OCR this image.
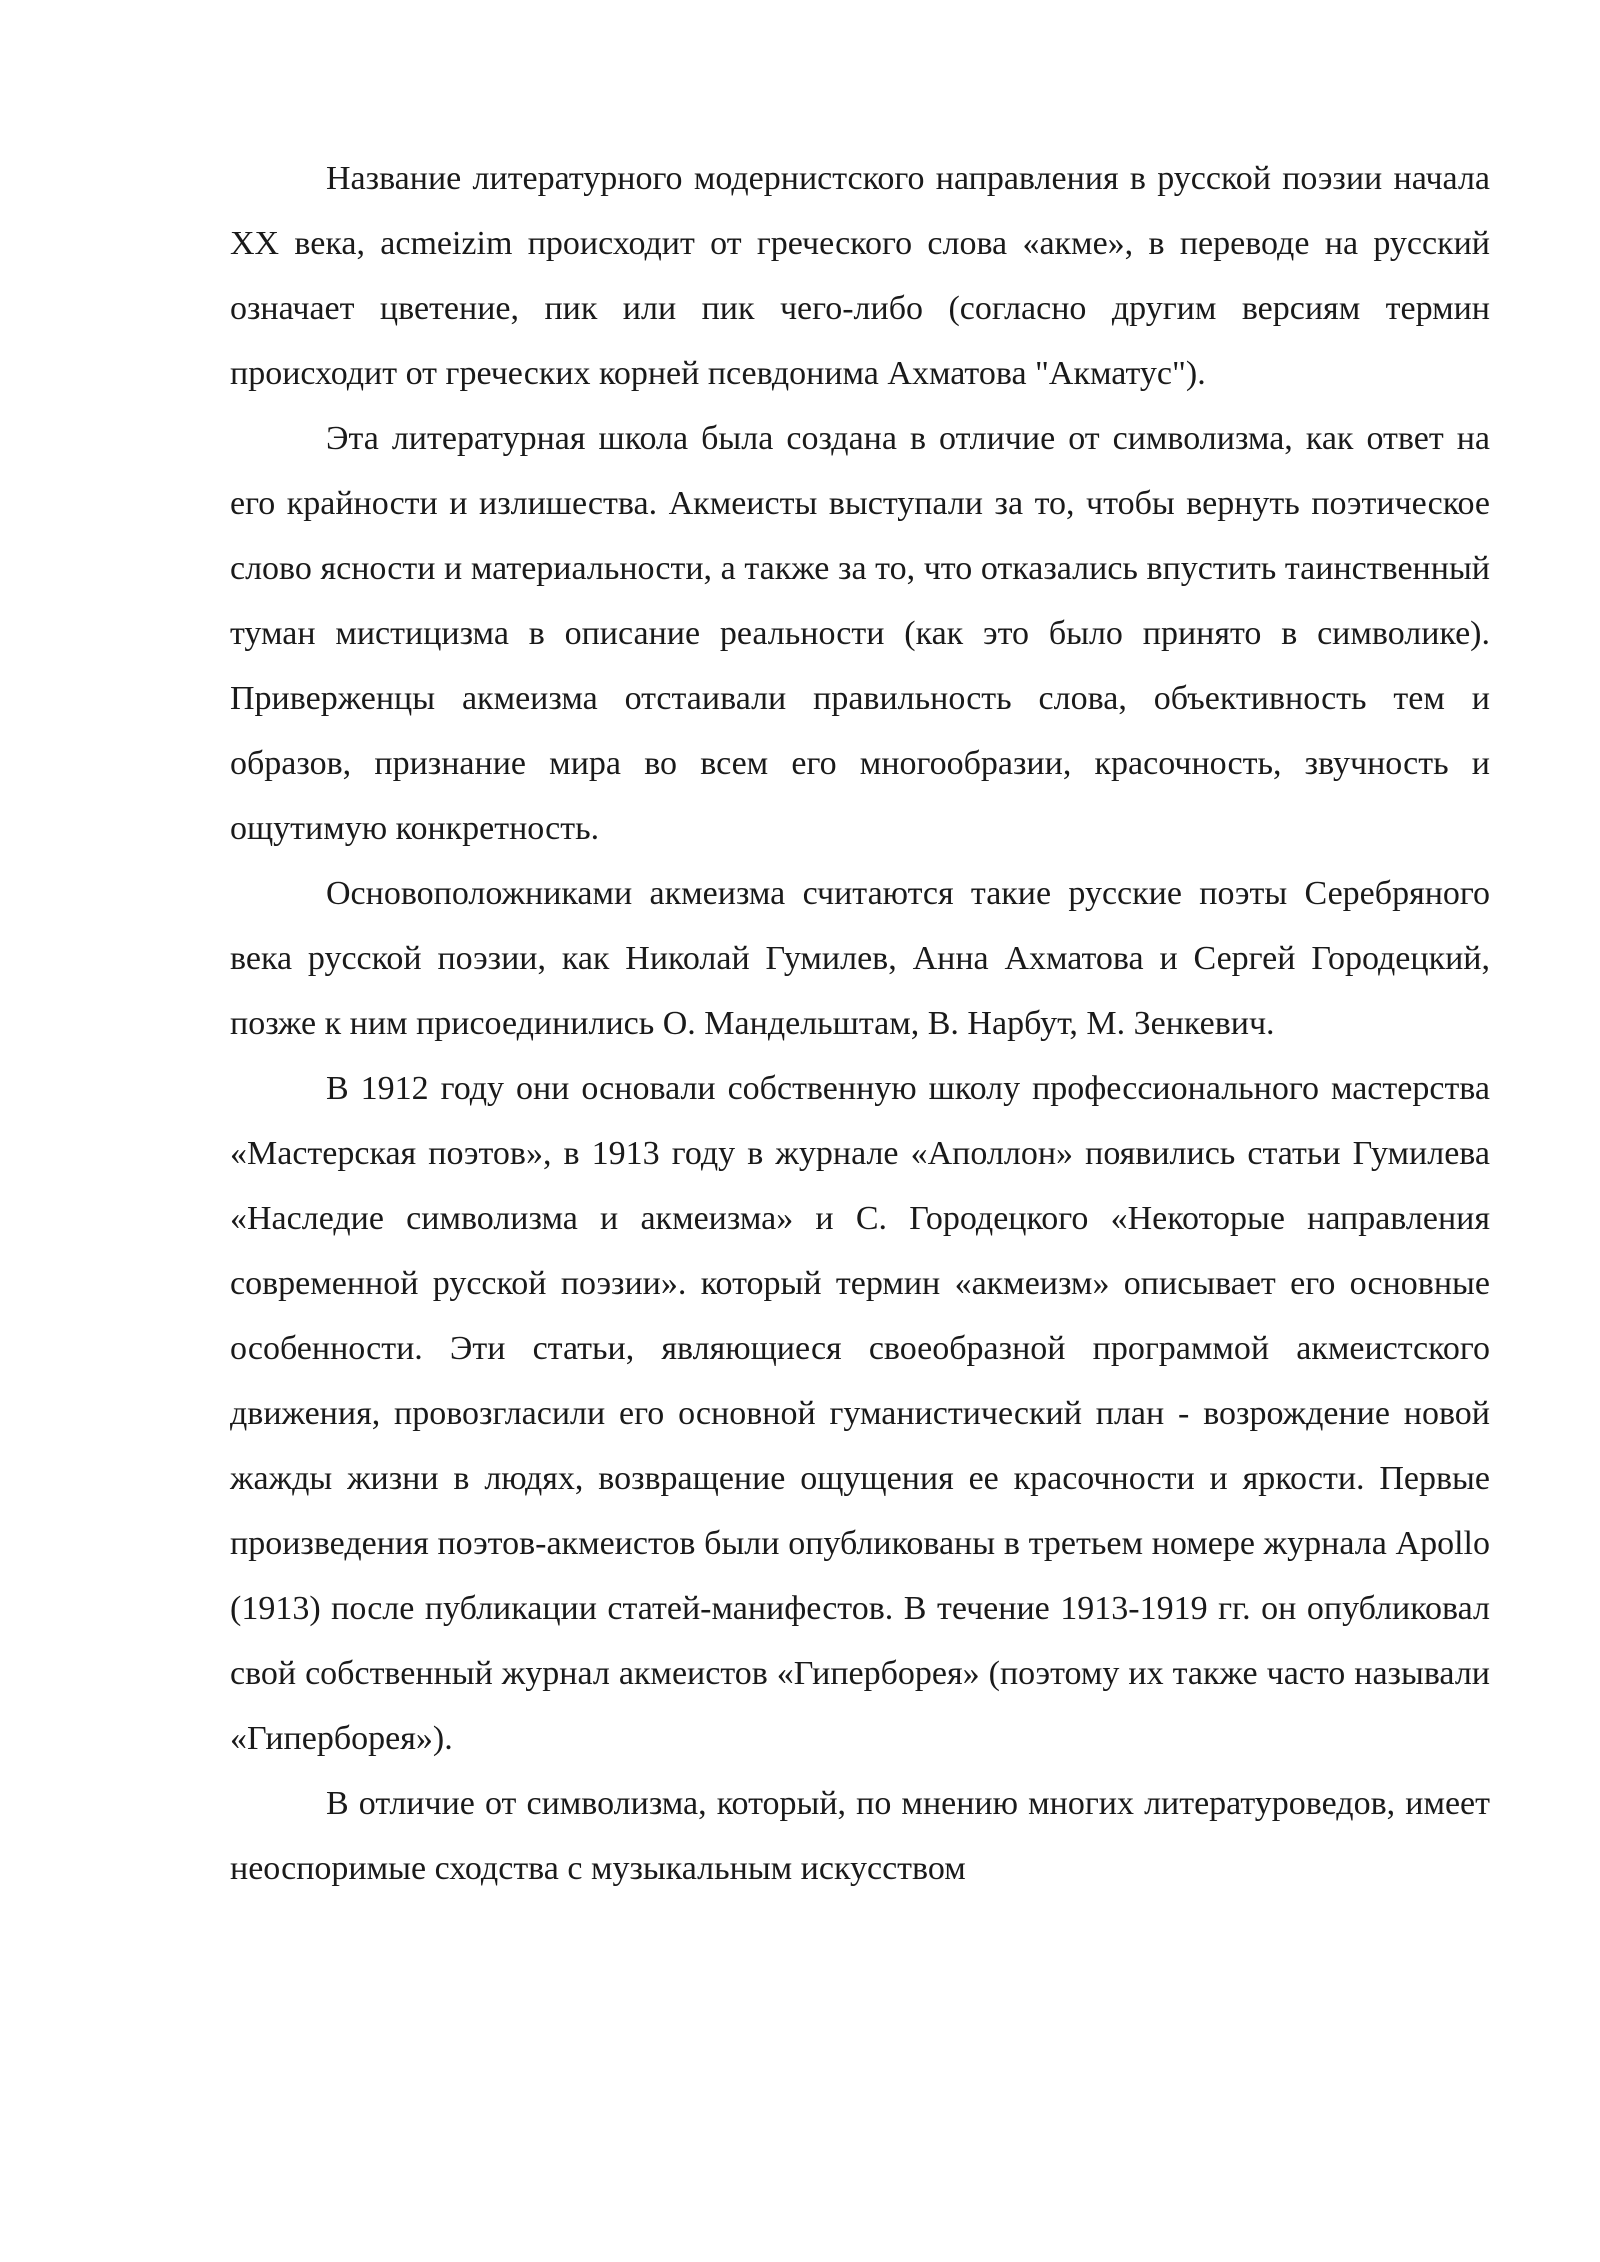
Название литературного модернистского направления в русской поэзии начала XX века, acmeizim происходит от греческого слова «акме», в переводе на русский означает цветение, пик или пик чего-либо (согласно другим версиям термин происходит от греческих корней псевдонима Ахматова "Акматус").

Эта литературная школа была создана в отличие от символизма, как ответ на его крайности и излишества. Акмеисты выступали за то, чтобы вернуть поэтическое слово ясности и материальности, а также за то, что отказались впустить таинственный туман мистицизма в описание реальности (как это было принято в символике). Приверженцы акмеизма отстаивали правильность слова, объективность тем и образов, признание мира во всем его многообразии, красочность, звучность и ощутимую конкретность.

Основоположниками акмеизма считаются такие русские поэты Серебряного века русской поэзии, как Николай Гумилев, Анна Ахматова и Сергей Городецкий, позже к ним присоединились О. Мандельштам, В. Нарбут, М. Зенкевич.

В 1912 году они основали собственную школу профессионального мастерства «Мастерская поэтов», в 1913 году в журнале «Аполлон» появились статьи Гумилева «Наследие символизма и акмеизма» и С. Городецкого «Некоторые направления современной русской поэзии». который термин «акмеизм» описывает его основные особенности. Эти статьи, являющиеся своеобразной программой акмеистского движения, провозгласили его основной гуманистический план - возрождение новой жажды жизни в людях, возвращение ощущения ее красочности и яркости. Первые произведения поэтов-акмеистов были опубликованы в третьем номере журнала Apollo (1913) после публикации статей-манифестов. В течение 1913-1919 гг. он опубликовал свой собственный журнал акмеистов «Гиперборея» (поэтому их также часто называли «Гиперборея»).

В отличие от символизма, который, по мнению многих литературоведов, имеет неоспоримые сходства с музыкальным искусством
